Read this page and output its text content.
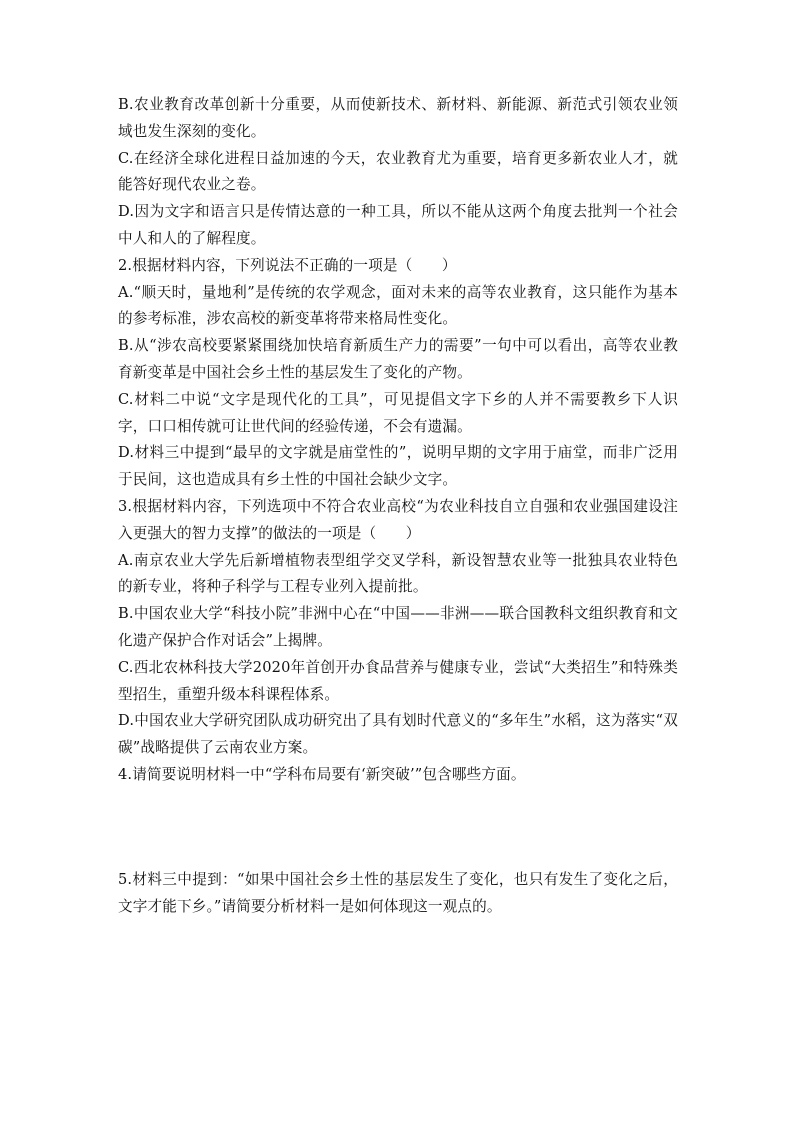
B.农业教育改革创新十分重要，从而使新技术、新材料、新能源、新范式引领农业领域也发生深刻的变化。

C.在经济全球化进程日益加速的今天，农业教育尤为重要，培育更多新农业人才，就能答好现代农业之卷。

D.因为文字和语言只是传情达意的一种工具，所以不能从这两个角度去批判一个社会中人和人的了解程度。

2.根据材料内容，下列说法不正确的一项是（　　）

A.“顺天时，量地利”是传统的农学观念，面对未来的高等农业教育，这只能作为基本的参考标准，涉农高校的新变革将带来格局性变化。

B.从“涉农高校要紧紧围绕加快培育新质生产力的需要”一句中可以看出，高等农业教育新变革是中国社会乡土性的基层发生了变化的产物。

C.材料二中说“文字是现代化的工具”，可见提倡文字下乡的人并不需要教乡下人识字，口口相传就可让世代间的经验传递，不会有遗漏。

D.材料三中提到“最早的文字就是庙堂性的”，说明早期的文字用于庙堂，而非广泛用于民间，这也造成具有乡土性的中国社会缺少文字。

3.根据材料内容，下列选项中不符合农业高校“为农业科技自立自强和农业强国建设注入更强大的智力支撑”的做法的一项是（　　）

A.南京农业大学先后新增植物表型组学交叉学科，新设智慧农业等一批独具农业特色的新专业，将种子科学与工程专业列入提前批。

B.中国农业大学“科技小院”非洲中心在“中国——非洲——联合国教科文组织教育和文化遗产保护合作对话会”上揭牌。

C.西北农林科技大学2020年首创开办食品营养与健康专业，尝试“大类招生”和特殊类型招生，重塑升级本科课程体系。

D.中国农业大学研究团队成功研究出了具有划时代意义的“多年生”水稻，这为落实“双碳”战略提供了云南农业方案。

4.请简要说明材料一中“学科布局要有‘新突破’”包含哪些方面。

5.材料三中提到：“如果中国社会乡土性的基层发生了变化，也只有发生了变化之后，文字才能下乡。”请简要分析材料一是如何体现这一观点的。
